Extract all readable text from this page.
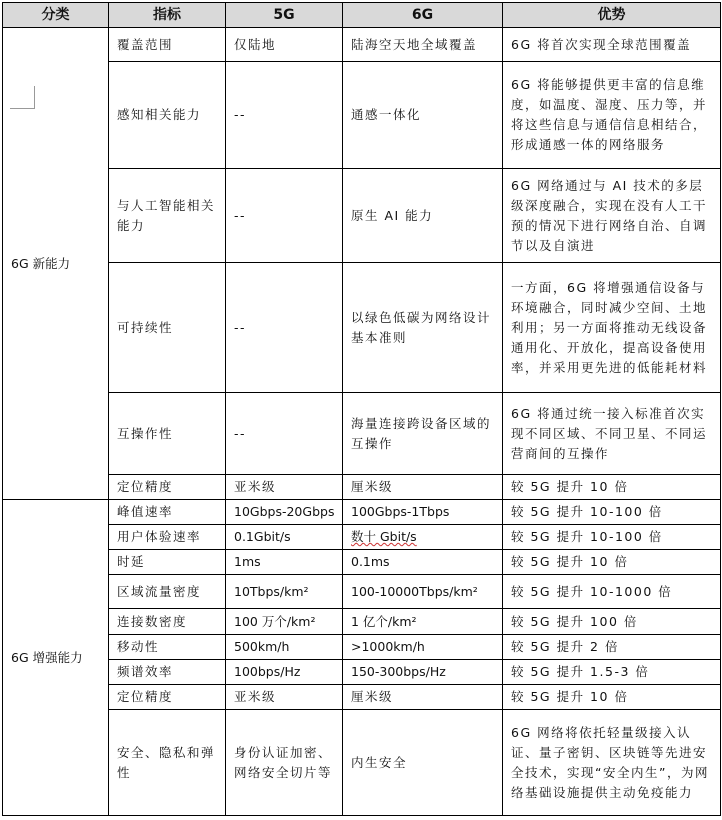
分类	指标	5G	6G	优势
6G 新能力	覆盖范围	仅陆地	陆海空天地全域覆盖	6G 将首次实现全球范围覆盖
	感知相关能力	--	通感一体化	6G 将能够提供更丰富的信息维度，如温度、湿度、压力等，并将这些信息与通信信息相结合，形成通感一体的网络服务
	与人工智能相关能力	--	原生 AI 能力	6G 网络通过与 AI 技术的多层级深度融合，实现在没有人工干预的情况下进行网络自治、自调节以及自演进
	可持续性	--	以绿色低碳为网络设计基本准则	一方面，6G 将增强通信设备与环境融合，同时减少空间、土地利用；另一方面将推动无线设备通用化、开放化，提高设备使用率，并采用更先进的低能耗材料
	互操作性	--	海量连接跨设备区域的互操作	6G 将通过统一接入标准首次实现不同区域、不同卫星、不同运营商间的互操作
	定位精度	亚米级	厘米级	较 5G 提升 10 倍
6G 增强能力	峰值速率	10Gbps-20Gbps	100Gbps-1Tbps	较 5G 提升 10-100 倍
	用户体验速率	0.1Gbit/s	数十 Gbit/s	较 5G 提升 10-100 倍
	时延	1ms	0.1ms	较 5G 提升 10 倍
	区域流量密度	10Tbps/km²	100-10000Tbps/km²	较 5G 提升 10-1000 倍
	连接数密度	100 万个/km²	1 亿个/km²	较 5G 提升 100 倍
	移动性	500km/h	>1000km/h	较 5G 提升 2 倍
	频谱效率	100bps/Hz	150-300bps/Hz	较 5G 提升 1.5-3 倍
	定位精度	亚米级	厘米级	较 5G 提升 10 倍
	安全、隐私和弹性	身份认证加密、网络安全切片等	内生安全	6G 网络将依托轻量级接入认证、量子密钥、区块链等先进安全技术，实现“安全内生”，为网络基础设施提供主动免疫能力
